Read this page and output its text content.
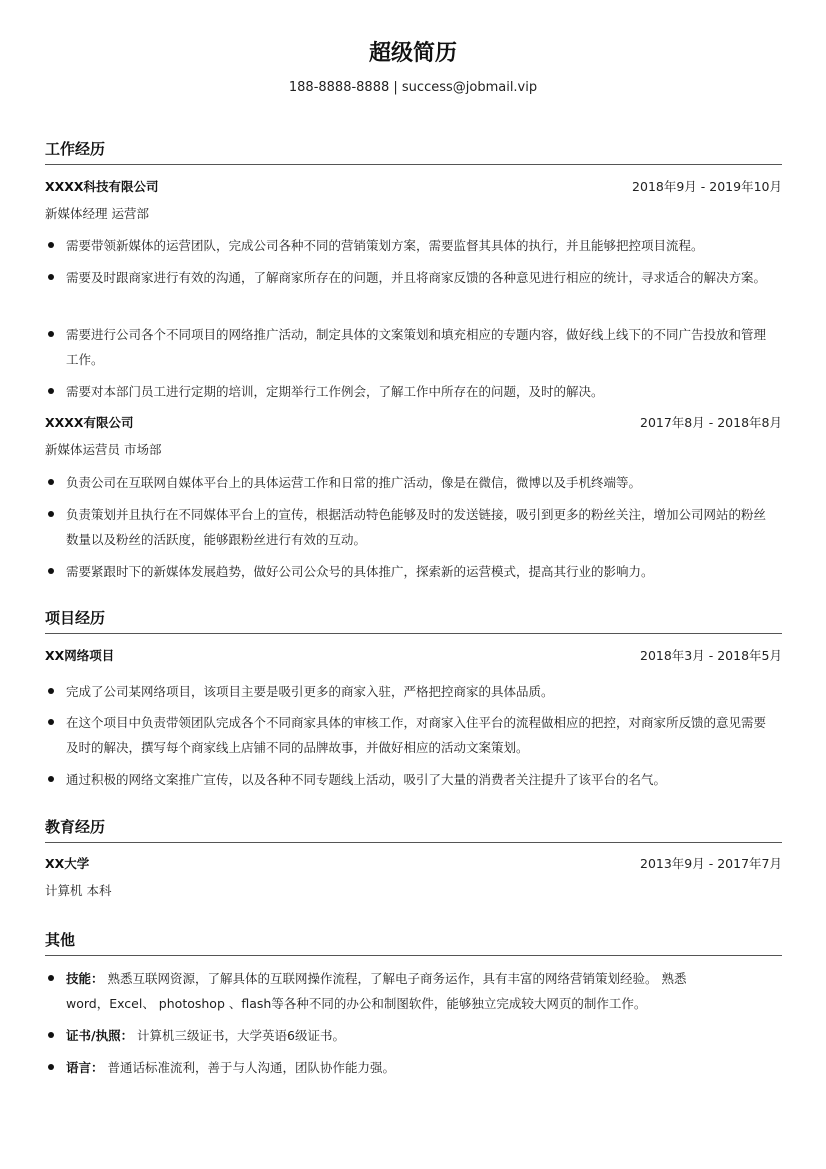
超级简历
188-8888-8888 | success@jobmail.vip
工作经历
XXXX科技有限公司	2018年9月 - 2019年10月
新媒体经理 运营部
需要带领新媒体的运营团队，完成公司各种不同的营销策划方案，需要监督其具体的执行，并且能够把控项目流程。
需要及时跟商家进行有效的沟通，了解商家所存在的问题，并且将商家反馈的各种意见进行相应的统计，寻求适合的解决方案。
需要进行公司各个不同项目的网络推广活动，制定具体的文案策划和填充相应的专题内容，做好线上线下的不同广告投放和管理工作。
需要对本部门员工进行定期的培训，定期举行工作例会，了解工作中所存在的问题，及时的解决。
XXXX有限公司	2017年8月 - 2018年8月
新媒体运营员 市场部
负责公司在互联网自媒体平台上的具体运营工作和日常的推广活动，像是在微信，微博以及手机终端等。
负责策划并且执行在不同媒体平台上的宣传，根据活动特色能够及时的发送链接，吸引到更多的粉丝关注，增加公司网站的粉丝数量以及粉丝的活跃度，能够跟粉丝进行有效的互动。
需要紧跟时下的新媒体发展趋势，做好公司公众号的具体推广，探索新的运营模式，提高其行业的影响力。
项目经历
XX网络项目	2018年3月 - 2018年5月
完成了公司某网络项目，该项目主要是吸引更多的商家入驻，严格把控商家的具体品质。
在这个项目中负责带领团队完成各个不同商家具体的审核工作，对商家入住平台的流程做相应的把控，对商家所反馈的意见需要及时的解决，撰写每个商家线上店铺不同的品牌故事，并做好相应的活动文案策划。
通过积极的网络文案推广宣传，以及各种不同专题线上活动，吸引了大量的消费者关注提升了该平台的名气。
教育经历
XX大学	2013年9月 - 2017年7月
计算机 本科
其他
技能： 熟悉互联网资源，了解具体的互联网操作流程，了解电子商务运作，具有丰富的网络营销策划经验。 熟悉word，Excel、 photoshop 、flash等各种不同的办公和制图软件，能够独立完成较大网页的制作工作。
证书/执照： 计算机三级证书，大学英语6级证书。
语言： 普通话标准流利，善于与人沟通，团队协作能力强。
